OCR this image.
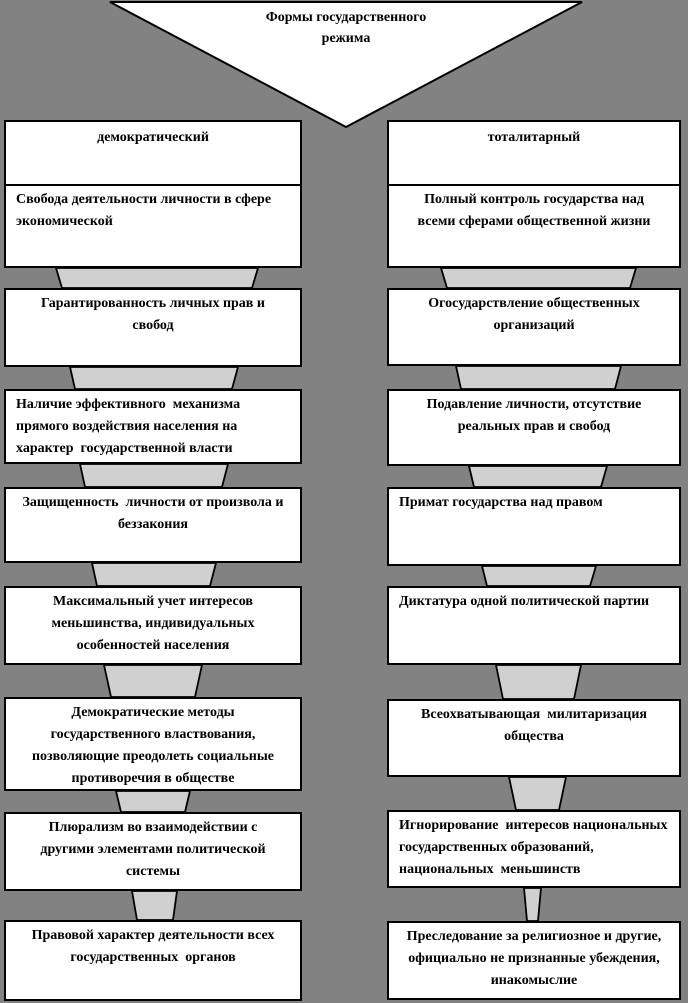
Формы государственного режима
демократический
Свобода деятельности личности в сфере экономической
Гарантированность личных прав и свобод
Наличие эффективного  механизма прямого воздействия населения на характер  государственной власти
Защищенность  личности от произвола и беззакония
Максимальный учет интересов меньшинства, индивидуальных особенностей населения
Демократические методы государственного властвования, позволяющие преодолеть социальные противоречия в обществе
Плюрализм во взаимодействии с другими элементами политической системы
Правовой характер деятельности всех государственных  органов
тоталитарный
Полный контроль государства над всеми сферами общественной жизни
Огосударствление общественных организаций
Подавление личности, отсутствие реальных прав и свобод
Примат государства над правом
Диктатура одной политической партии
Всеохватывающая  милитаризация общества
Игнорирование  интересов национальных государственных образований, национальных  меньшинств
Преследование за религиозное и другие, официально не признанные убеждения, инакомыслие
